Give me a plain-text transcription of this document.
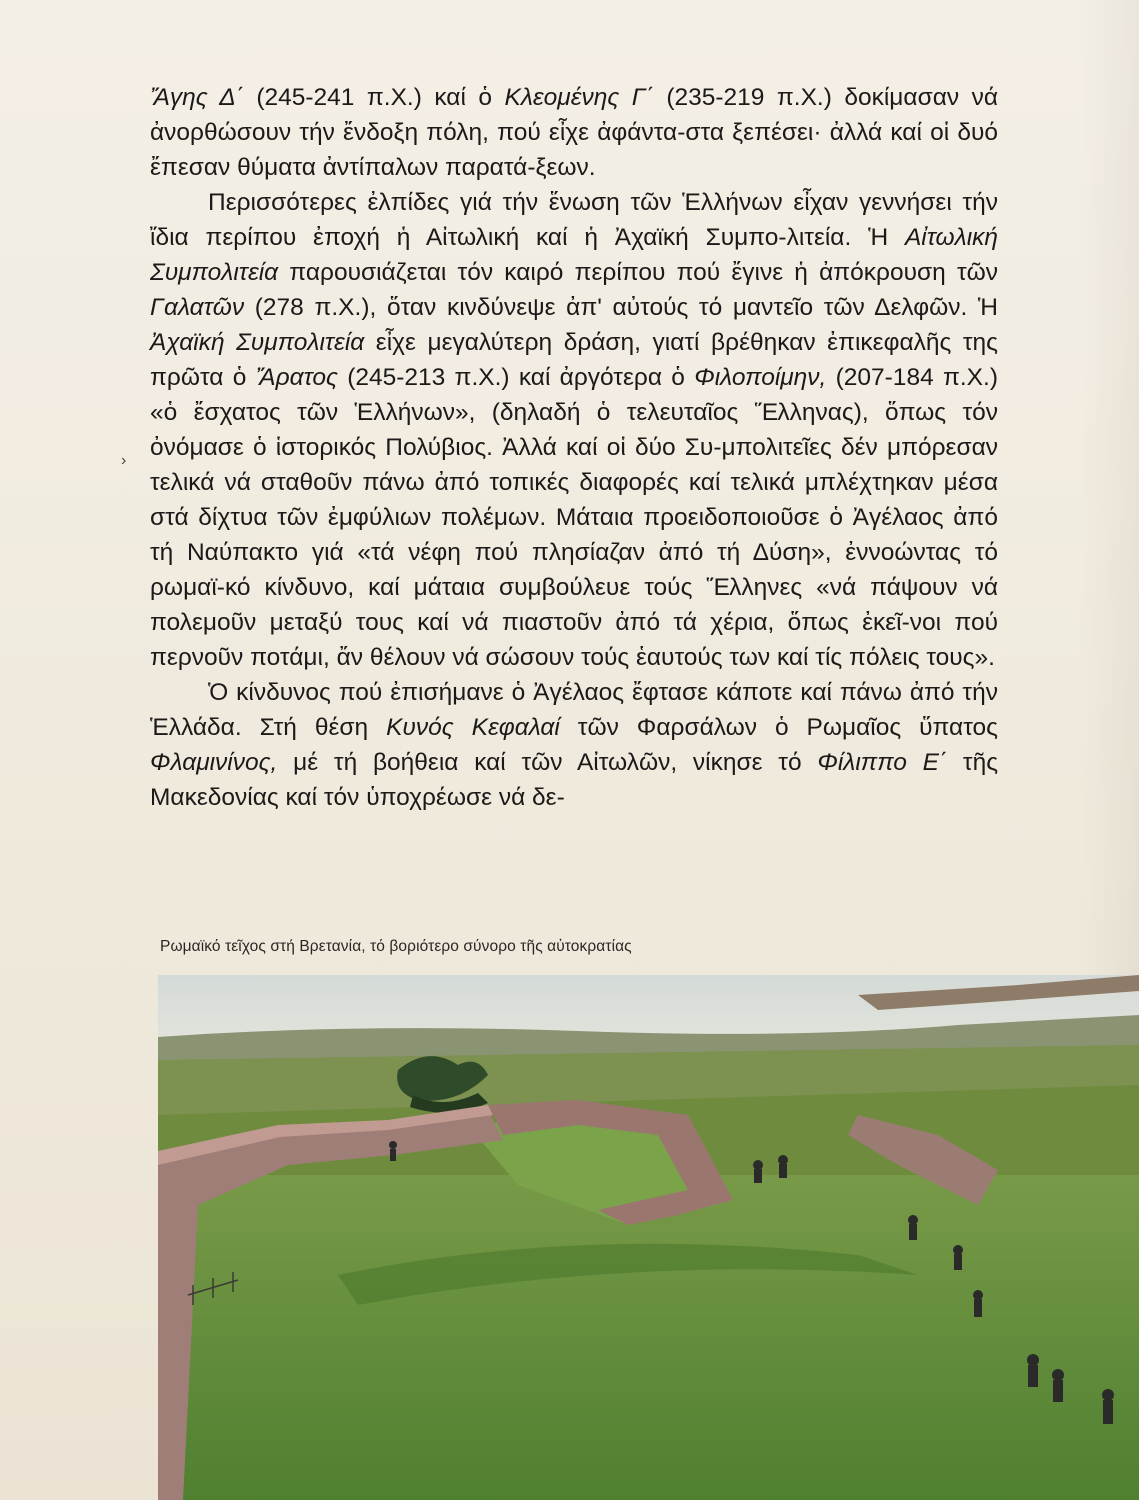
Ἄγης Δ΄ (245-241 π.Χ.) καί ὁ Κλεομένης Γ΄ (235-219 π.Χ.) δοκίμασαν νά ἀνορθώσουν τήν ἔνδοξη πόλη, πού εἶχε ἀφάντα-στα ξεπέσει· ἀλλά καί οἱ δυό ἔπεσαν θύματα ἀντίπαλων παρατά-ξεων.

Περισσότερες ἐλπίδες γιά τήν ἕνωση τῶν Ἑλλήνων εἶχαν γεννήσει τήν ἴδια περίπου ἐποχή ἡ Αἰτωλική καί ἡ Ἀχαϊκή Συμπο-λιτεία. Ἡ Αἰτωλική Συμπολιτεία παρουσιάζεται τόν καιρό περίπου πού ἔγινε ἡ ἀπόκρουση τῶν Γαλατῶν (278 π.Χ.), ὅταν κινδύνεψε ἀπ' αὐτούς τό μαντεῖο τῶν Δελφῶν. Ἡ Ἀχαϊκή Συμπολιτεία εἶχε μεγαλύτερη δράση, γιατί βρέθηκαν ἐπικεφαλῆς της πρῶτα ὁ Ἄρατος (245-213 π.Χ.) καί ἀργότερα ὁ Φιλοποίμην, (207-184 π.Χ.) «ὁ ἔσχατος τῶν Ἑλλήνων», (δηλαδή ὁ τελευταῖος Ἕλληνας), ὅπως τόν ὀνόμασε ὁ ἱστορικός Πολύβιος. Ἀλλά καί οἱ δύο Συ-μπολιτεῖες δέν μπόρεσαν τελικά νά σταθοῦν πάνω ἀπό τοπικές διαφορές καί τελικά μπλέχτηκαν μέσα στά δίχτυα τῶν ἐμφύλιων πολέμων. Μάταια προειδοποιοῦσε ὁ Ἀγέλαος ἀπό τή Ναύπακτο γιά «τά νέφη πού πλησίαζαν ἀπό τή Δύση», ἐννοώντας τό ρωμαϊ-κό κίνδυνο, καί μάταια συμβούλευε τούς Ἕλληνες «νά πάψουν νά πολεμοῦν μεταξύ τους καί νά πιαστοῦν ἀπό τά χέρια, ὅπως ἐκεῖ-νοι πού περνοῦν ποτάμι, ἄν θέλουν νά σώσουν τούς ἑαυτούς των καί τίς πόλεις τους».

Ὁ κίνδυνος πού ἐπισήμανε ὁ Ἀγέλαος ἔφτασε κάποτε καί πάνω ἀπό τήν Ἑλλάδα. Στή θέση Κυνός Κεφαλαί τῶν Φαρσάλων ὁ Ρωμαῖος ὕπατος Φλαμινίνος, μέ τή βοήθεια καί τῶν Αἰτωλῶν, νίκησε τό Φίλιππο Ε΄ τῆς Μακεδονίας καί τόν ὑποχρέωσε νά δε-

›
Ρωμαϊκό τεῖχος στή Βρετανία, τό βοριότερο σύνορο τῆς αὐτοκρατίας
